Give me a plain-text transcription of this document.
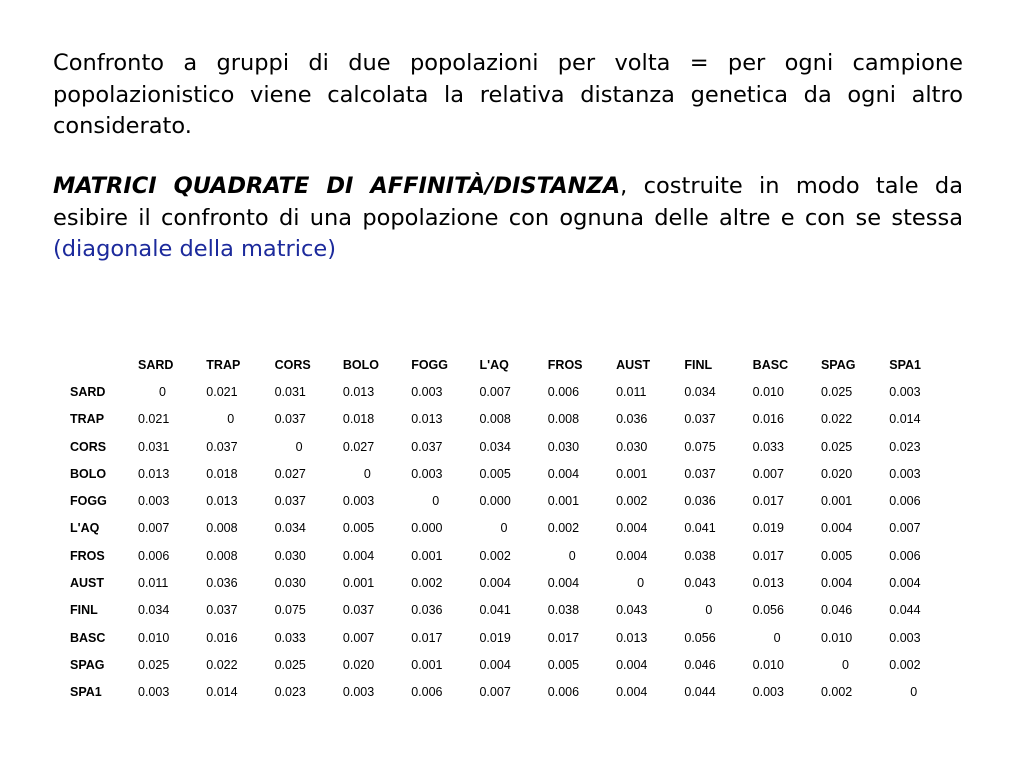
Confronto a gruppi di due popolazioni per volta = per ogni campione popolazionistico viene calcolata la relativa distanza genetica da ogni altro considerato.

MATRICI QUADRATE DI AFFINITÀ/DISTANZA, costruite in modo tale da esibire il confronto di una popolazione con ognuna delle altre e con se stessa (diagonale della matrice)

	SARD	TRAP	CORS	BOLO	FOGG	L'AQ	FROS	AUST	FINL	BASC	SPAG	SPA1
SARD	0	0.021	0.031	0.013	0.003	0.007	0.006	0.011	0.034	0.010	0.025	0.003
TRAP	0.021	0	0.037	0.018	0.013	0.008	0.008	0.036	0.037	0.016	0.022	0.014
CORS	0.031	0.037	0	0.027	0.037	0.034	0.030	0.030	0.075	0.033	0.025	0.023
BOLO	0.013	0.018	0.027	0	0.003	0.005	0.004	0.001	0.037	0.007	0.020	0.003
FOGG	0.003	0.013	0.037	0.003	0	0.000	0.001	0.002	0.036	0.017	0.001	0.006
L'AQ	0.007	0.008	0.034	0.005	0.000	0	0.002	0.004	0.041	0.019	0.004	0.007
FROS	0.006	0.008	0.030	0.004	0.001	0.002	0	0.004	0.038	0.017	0.005	0.006
AUST	0.011	0.036	0.030	0.001	0.002	0.004	0.004	0	0.043	0.013	0.004	0.004
FINL	0.034	0.037	0.075	0.037	0.036	0.041	0.038	0.043	0	0.056	0.046	0.044
BASC	0.010	0.016	0.033	0.007	0.017	0.019	0.017	0.013	0.056	0	0.010	0.003
SPAG	0.025	0.022	0.025	0.020	0.001	0.004	0.005	0.004	0.046	0.010	0	0.002
SPA1	0.003	0.014	0.023	0.003	0.006	0.007	0.006	0.004	0.044	0.003	0.002	0
